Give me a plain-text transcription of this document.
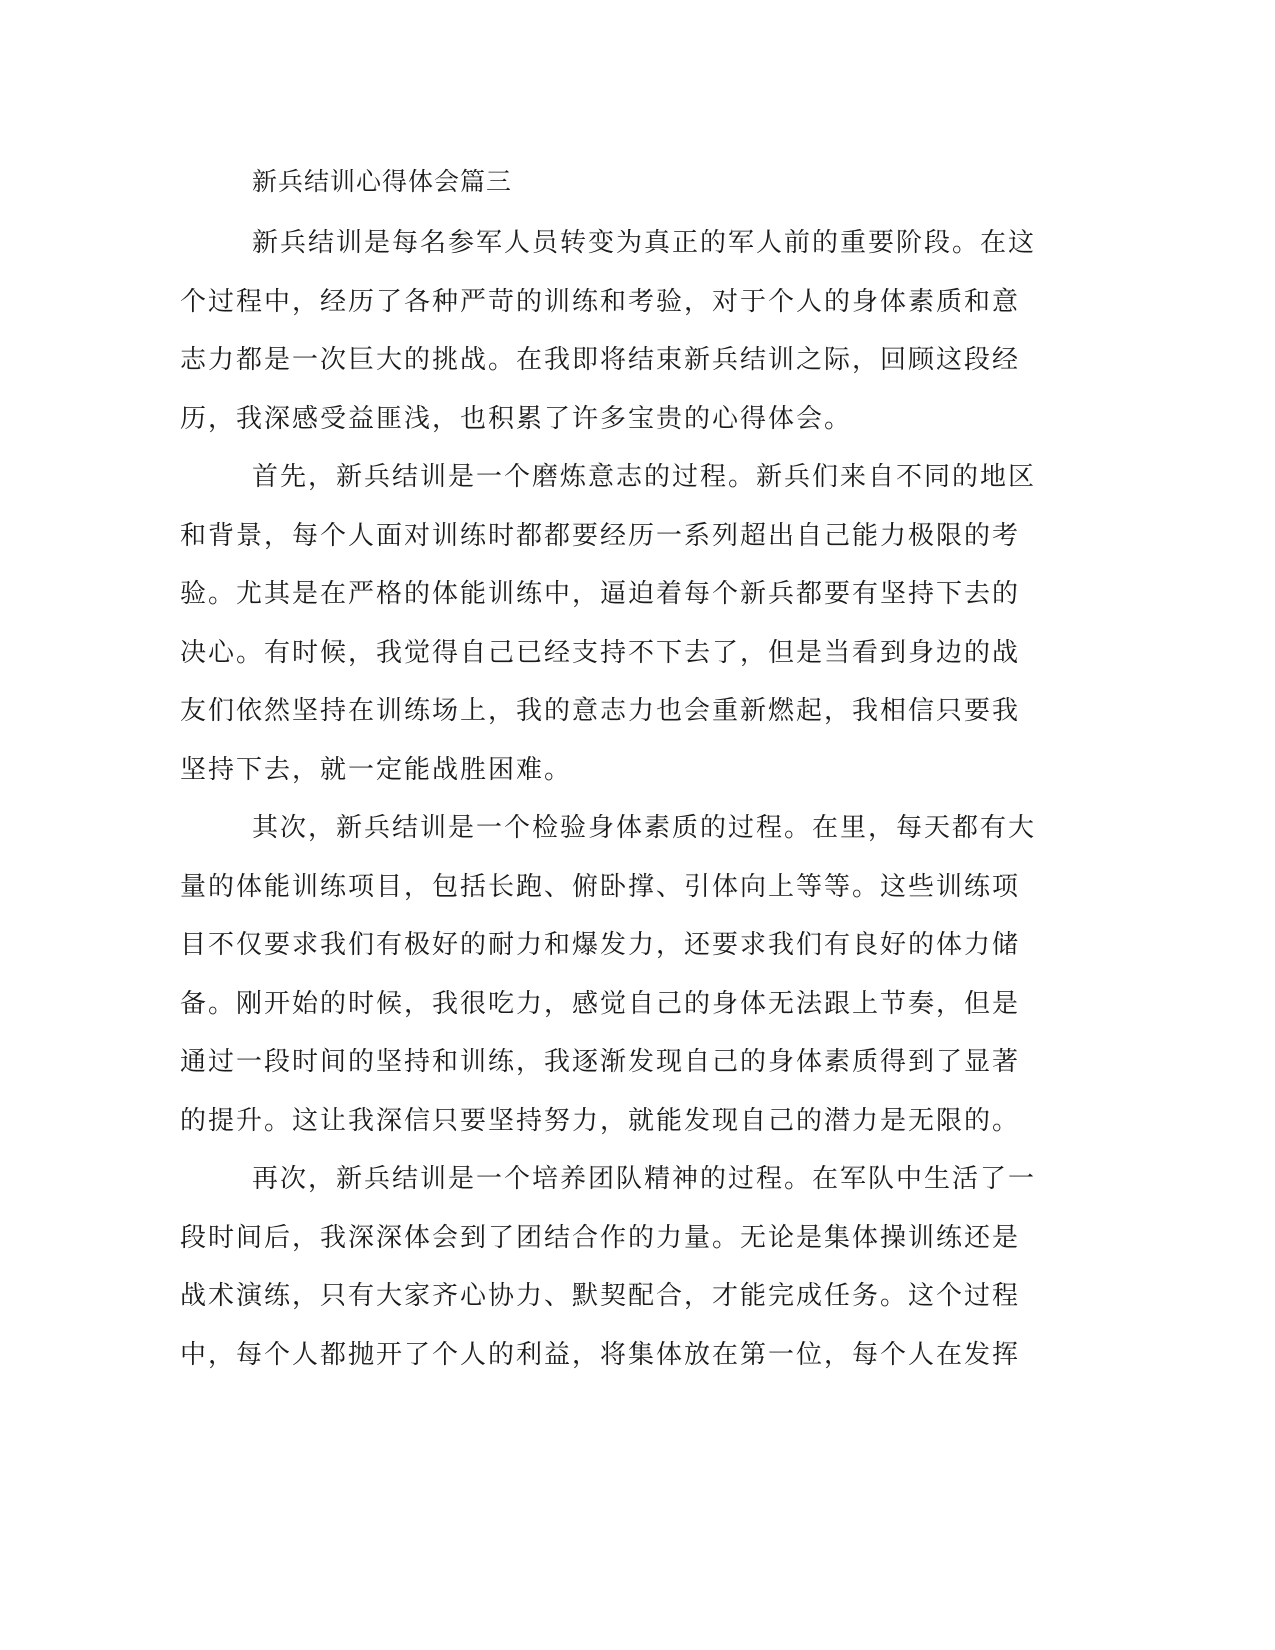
新兵结训心得体会篇三

新兵结训是每名参军人员转变为真正的军人前的重要阶段。在这
个过程中，经历了各种严苛的训练和考验，对于个人的身体素质和意
志力都是一次巨大的挑战。在我即将结束新兵结训之际，回顾这段经
历，我深感受益匪浅，也积累了许多宝贵的心得体会。

首先，新兵结训是一个磨炼意志的过程。新兵们来自不同的地区
和背景，每个人面对训练时都都要经历一系列超出自己能力极限的考
验。尤其是在严格的体能训练中，逼迫着每个新兵都要有坚持下去的
决心。有时候，我觉得自己已经支持不下去了，但是当看到身边的战
友们依然坚持在训练场上，我的意志力也会重新燃起，我相信只要我
坚持下去，就一定能战胜困难。

其次，新兵结训是一个检验身体素质的过程。在里，每天都有大
量的体能训练项目，包括长跑、俯卧撑、引体向上等等。这些训练项
目不仅要求我们有极好的耐力和爆发力，还要求我们有良好的体力储
备。刚开始的时候，我很吃力，感觉自己的身体无法跟上节奏，但是
通过一段时间的坚持和训练，我逐渐发现自己的身体素质得到了显著
的提升。这让我深信只要坚持努力，就能发现自己的潜力是无限的。

再次，新兵结训是一个培养团队精神的过程。在军队中生活了一
段时间后，我深深体会到了团结合作的力量。无论是集体操训练还是
战术演练，只有大家齐心协力、默契配合，才能完成任务。这个过程
中，每个人都抛开了个人的利益，将集体放在第一位，每个人在发挥
